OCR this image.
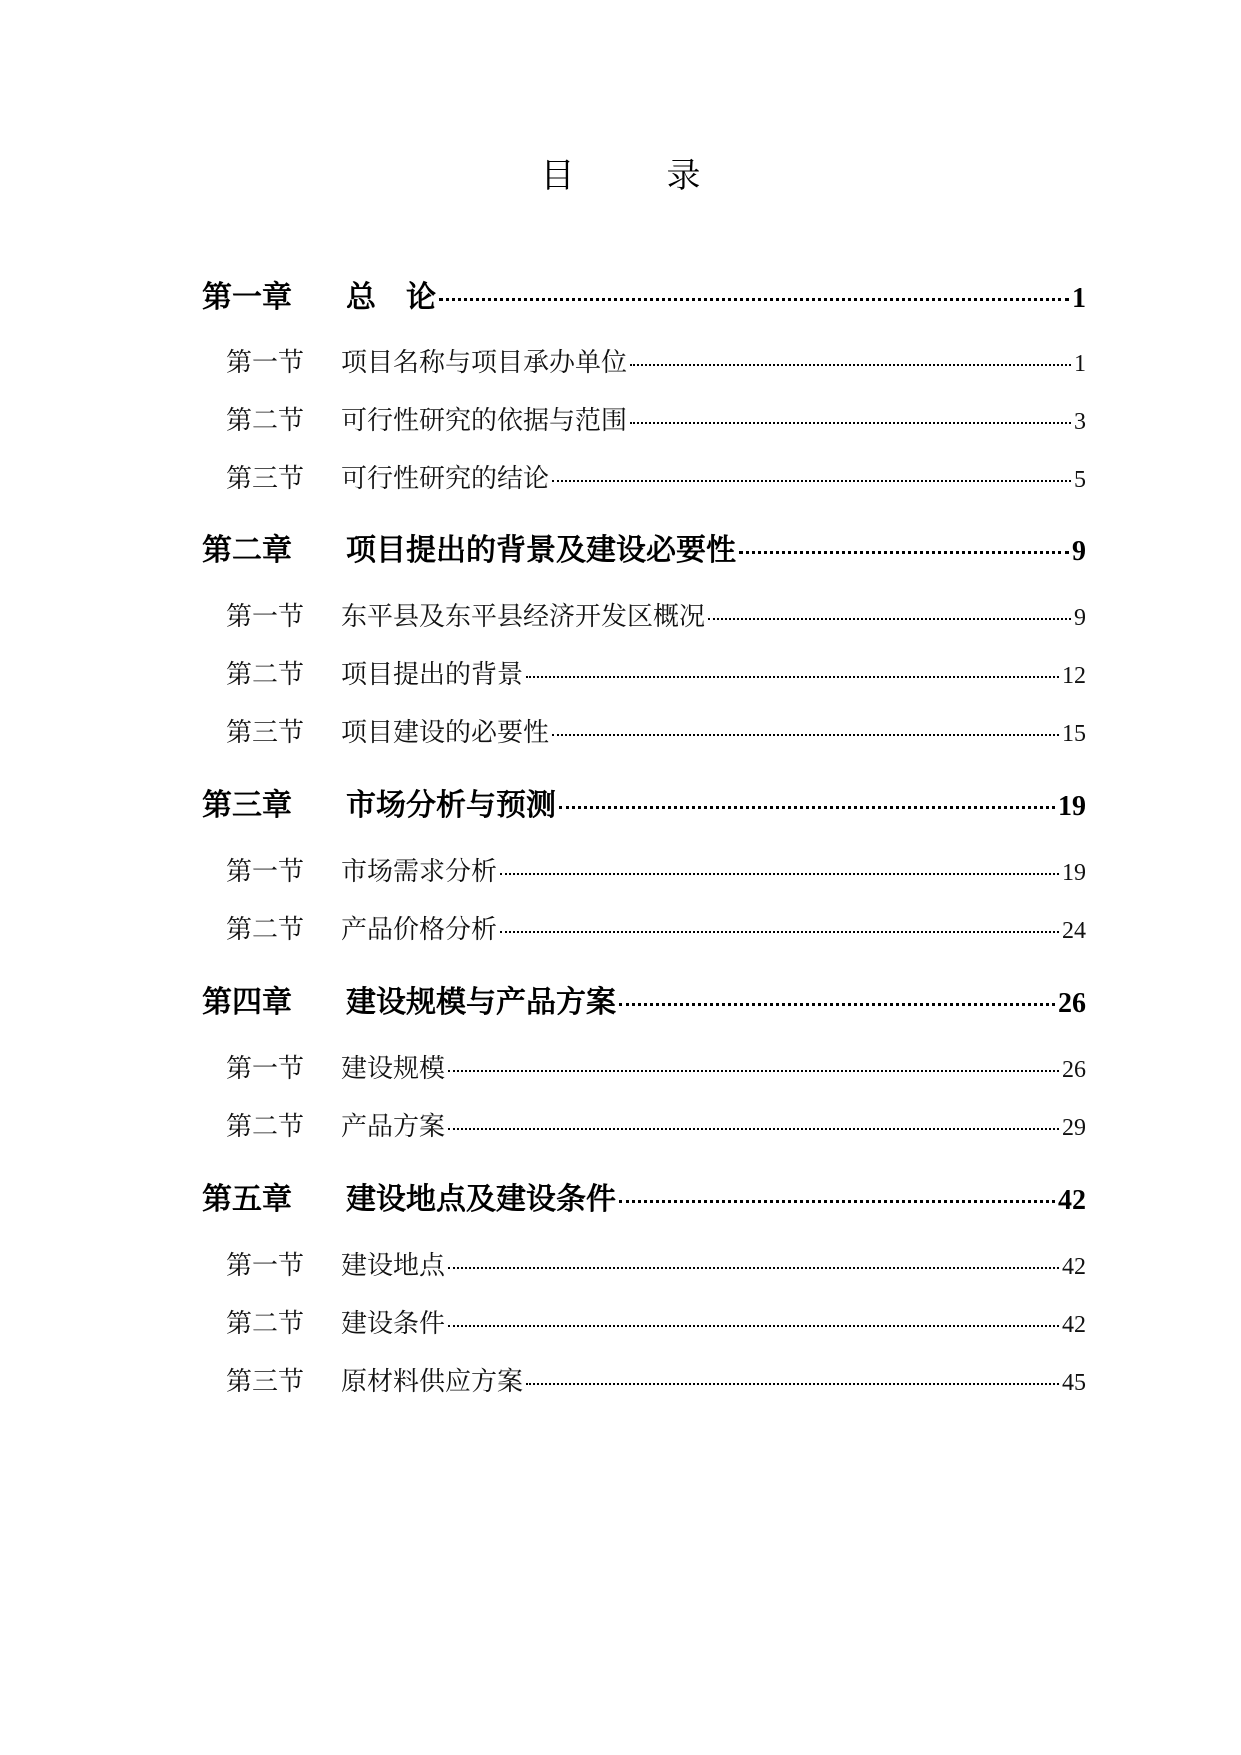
目	录
第一章	总　论	1
第一节	项目名称与项目承办单位	1
第二节	可行性研究的依据与范围	3
第三节	可行性研究的结论	5
第二章	项目提出的背景及建设必要性	9
第一节	东平县及东平县经济开发区概况	9
第二节	项目提出的背景	12
第三节	项目建设的必要性	15
第三章	市场分析与预测	19
第一节	市场需求分析	19
第二节	产品价格分析	24
第四章	建设规模与产品方案	26
第一节	建设规模	26
第二节	产品方案	29
第五章	建设地点及建设条件	42
第一节	建设地点	42
第二节	建设条件	42
第三节	原材料供应方案	45
